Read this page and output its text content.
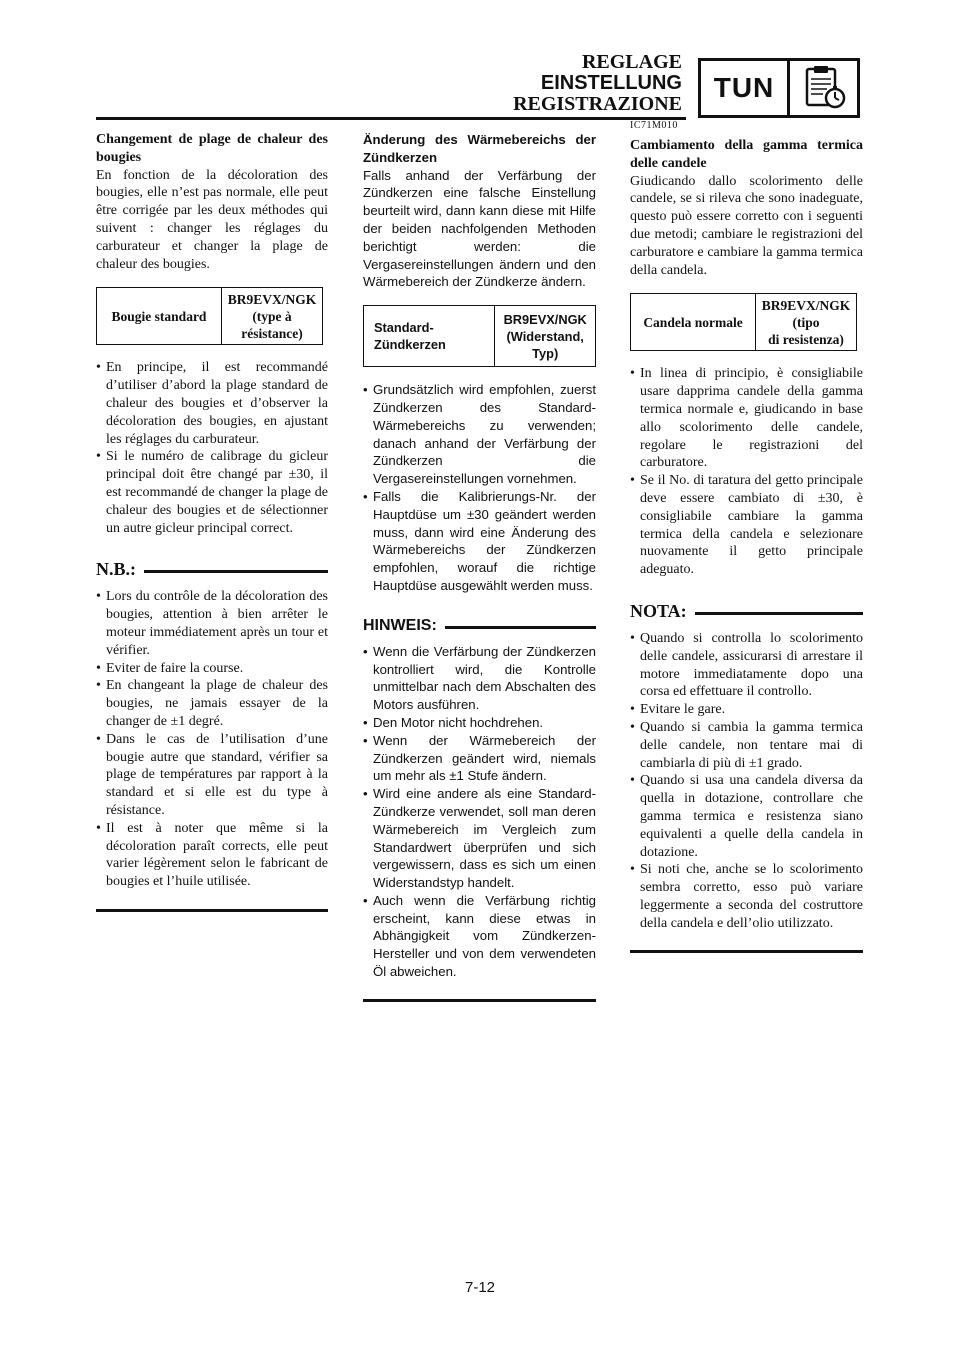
REGLAGE
EINSTELLUNG
REGISTRAZIONE
TUN
IC71M010

Changement de plage de chaleur des bougies

En fonction de la décoloration des bougies, elle n’est pas normale, elle peut être corrigée par les deux méthodes qui suivent : changer les réglages du carburateur et changer la plage de chaleur des bougies.

Bougie standard	BR9EVX/NGK
(type à
résistance)
• En principe, il est recommandé d’utiliser d’abord la plage standard de chaleur des bougies et d’observer la décoloration des bougies, en ajustant les réglages du carburateur.
• Si le numéro de calibrage du gicleur principal doit être changé par ±30, il est recommandé de changer la plage de chaleur des bougies et de sélectionner un autre gicleur principal correct.
N.B.:
• Lors du contrôle de la décoloration des bougies, attention à bien arrêter le moteur immédiatement après un tour et vérifier.
• Eviter de faire la course.
• En changeant la plage de chaleur des bougies, ne jamais essayer de la changer de ±1 degré.
• Dans le cas de l’utilisation d’une bougie autre que standard, vérifier sa plage de températures par rapport à la standard et si elle est du type à résistance.
• Il est à noter que même si la décoloration paraît corrects, elle peut varier légèrement selon le fabricant de bougies et l’huile utilisée.

Änderung des Wärmebereichs der Zündkerzen

Falls anhand der Verfärbung der Zündkerzen eine falsche Einstellung beurteilt wird, dann kann diese mit Hilfe der beiden nachfolgenden Methoden berichtigt werden: die Vergasereinstellungen ändern und den Wärmebereich der Zündkerze ändern.

Standard-
Zündkerzen	BR9EVX/NGK
(Widerstand,
Typ)
• Grundsätzlich wird empfohlen, zuerst Zündkerzen des Standard-Wärmebereichs zu verwenden; danach anhand der Verfärbung der Zündkerzen die Vergasereinstellungen vornehmen.
• Falls die Kalibrierungs-Nr. der Hauptdüse um ±30 geändert werden muss, dann wird eine Änderung des Wärmebereichs der Zündkerzen empfohlen, worauf die richtige Hauptdüse ausgewählt werden muss.
HINWEIS:
• Wenn die Verfärbung der Zündkerzen kontrolliert wird, die Kontrolle unmittelbar nach dem Abschalten des Motors ausführen.
• Den Motor nicht hochdrehen.
• Wenn der Wärmebereich der Zündkerzen geändert wird, niemals um mehr als ±1 Stufe ändern.
• Wird eine andere als eine Standard-Zündkerze verwendet, soll man deren Wärmebereich im Vergleich zum Standardwert überprüfen und sich vergewissern, dass es sich um einen Widerstandstyp handelt.
• Auch wenn die Verfärbung richtig erscheint, kann diese etwas in Abhängigkeit vom Zündkerzen-Hersteller und von dem verwendeten Öl abweichen.

Cambiamento della gamma termica delle candele

Giudicando dallo scolorimento delle candele, se si rileva che sono inadeguate, questo può essere corretto con i seguenti due metodi; cambiare le registrazioni del carburatore e cambiare la gamma termica della candela.

Candela normale	BR9EVX/NGK
(tipo
di resistenza)
• In linea di principio, è consigliabile usare dapprima candele della gamma termica normale e, giudicando in base allo scolorimento delle candele, regolare le registrazioni del carburatore.
• Se il No. di taratura del getto principale deve essere cambiato di ±30, è consigliabile cambiare la gamma termica della candela e selezionare nuovamente il getto principale adeguato.
NOTA:
• Quando si controlla lo scolorimento delle candele, assicurarsi di arrestare il motore immediatamente dopo una corsa ed effettuare il controllo.
• Evitare le gare.
• Quando si cambia la gamma termica delle candele, non tentare mai di cambiarla di più di ±1 grado.
• Quando si usa una candela diversa da quella in dotazione, controllare che gamma termica e resistenza siano equivalenti a quelle della candela in dotazione.
• Si noti che, anche se lo scolorimento sembra corretto, esso può variare leggermente a seconda del costruttore della candela e dell’olio utilizzato.
7-12
